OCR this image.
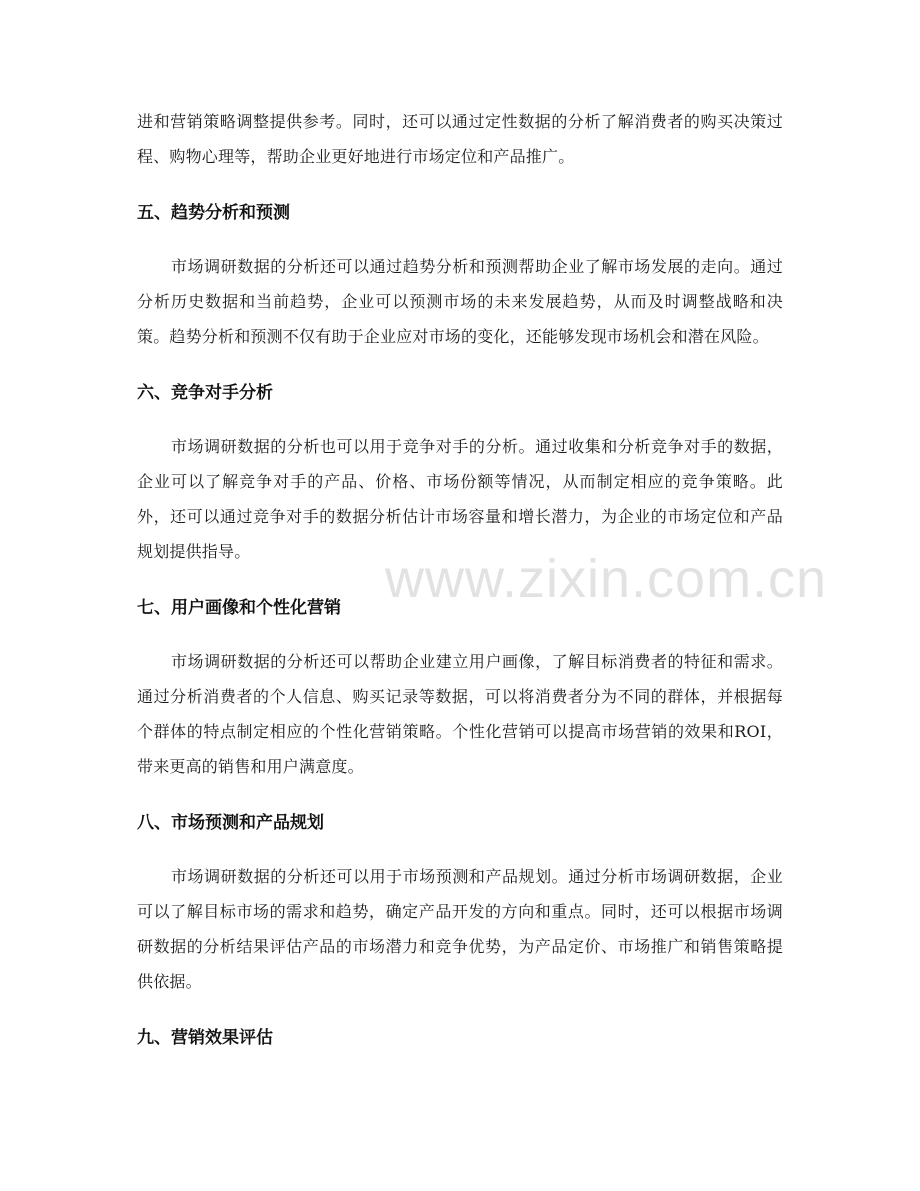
进和营销策略调整提供参考。同时，还可以通过定性数据的分析了解消费者的购买决策过程、购物心理等，帮助企业更好地进行市场定位和产品推广。

五、趋势分析和预测

市场调研数据的分析还可以通过趋势分析和预测帮助企业了解市场发展的走向。通过分析历史数据和当前趋势，企业可以预测市场的未来发展趋势，从而及时调整战略和决策。趋势分析和预测不仅有助于企业应对市场的变化，还能够发现市场机会和潜在风险。

六、竞争对手分析

市场调研数据的分析也可以用于竞争对手的分析。通过收集和分析竞争对手的数据，企业可以了解竞争对手的产品、价格、市场份额等情况，从而制定相应的竞争策略。此外，还可以通过竞争对手的数据分析估计市场容量和增长潜力，为企业的市场定位和产品规划提供指导。

七、用户画像和个性化营销

市场调研数据的分析还可以帮助企业建立用户画像，了解目标消费者的特征和需求。通过分析消费者的个人信息、购买记录等数据，可以将消费者分为不同的群体，并根据每个群体的特点制定相应的个性化营销策略。个性化营销可以提高市场营销的效果和ROI，带来更高的销售和用户满意度。

八、市场预测和产品规划

市场调研数据的分析还可以用于市场预测和产品规划。通过分析市场调研数据，企业可以了解目标市场的需求和趋势，确定产品开发的方向和重点。同时，还可以根据市场调研数据的分析结果评估产品的市场潜力和竞争优势，为产品定价、市场推广和销售策略提供依据。

九、营销效果评估
www.zixin.com.cn
